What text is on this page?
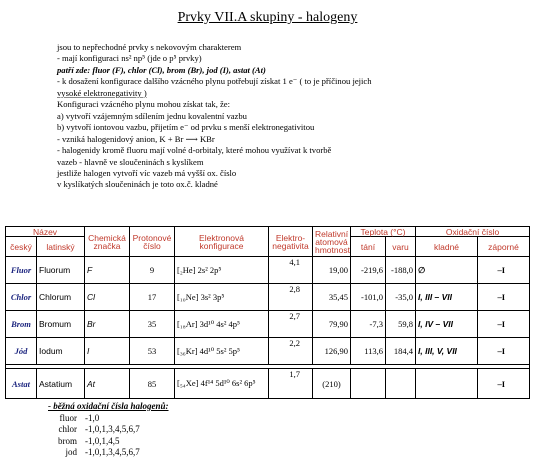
Prvky VII.A skupiny - halogeny
jsou to nepřechodné prvky s nekovovým charakterem
- mají konfiguraci ns² np⁵ (jde o p⁵ prvky)
patří zde: fluor (F), chlor (Cl), brom (Br), jod (I), astat (At)
- k dosažení konfigurace dalšího vzácného plynu potřebují získat 1 e⁻ ( to je příčinou jejich
vysoké elektronegativity )
Konfiguraci vzácného plynu mohou získat tak, že:
a) vytvoří vzájemným sdílením jednu kovalentní vazbu
b) vytvoří iontovou vazbu, přijetím e⁻ od prvku s menší elektronegativitou
- vzniká halogenidový anion, K + Br ⟶ KBr
- halogenidy kromě fluoru mají volné d-orbitaly, které mohou využívat k tvorbě
vazeb - hlavně ve sloučeninách s kyslíkem
jestliže halogen vytvoří víc vazeb má vyšší ox. číslo
v kyslíkatých sloučeninách je toto ox.č. kladné
Název		Chemická značka	Protonové číslo	Elektronová konfigurace	Elektro-negativita	Relativní atomová hmotnost	Teplota (°C)		Oxidační číslo	
český	latinský						tání	varu	kladné	záporné
Fluor	Fluorum	F	9	[₂He] 2s² 2p⁵	4,1	19,00	-219,6	-188,0	∅	–I
Chlor	Chlorum	Cl	17	[₁₀Ne] 3s² 3p⁵	2,8	35,45	-101,0	-35,0	I, III – VII	–I
Brom	Bromum	Br	35	[₁₈Ar] 3d¹⁰ 4s² 4p⁵	2,7	79,90	-7,3	59,8	I, IV – VII	–I
Jód	Iodum	I	53	[₃₆Kr] 4d¹⁰ 5s² 5p⁵	2,2	126,90	113,6	184,4	I, III, V, VII	–I

Astat	Astatium	At	85	[₅₄Xe] 4f¹⁴ 5d¹⁰ 6s² 6p⁵	1,7	(210)				–I
- běžná oxidační čísla halogenů:
fluor -1,0
chlor -1,0,1,3,4,5,6,7
brom -1,0,1,4,5
jod -1,0,1,3,4,5,6,7
